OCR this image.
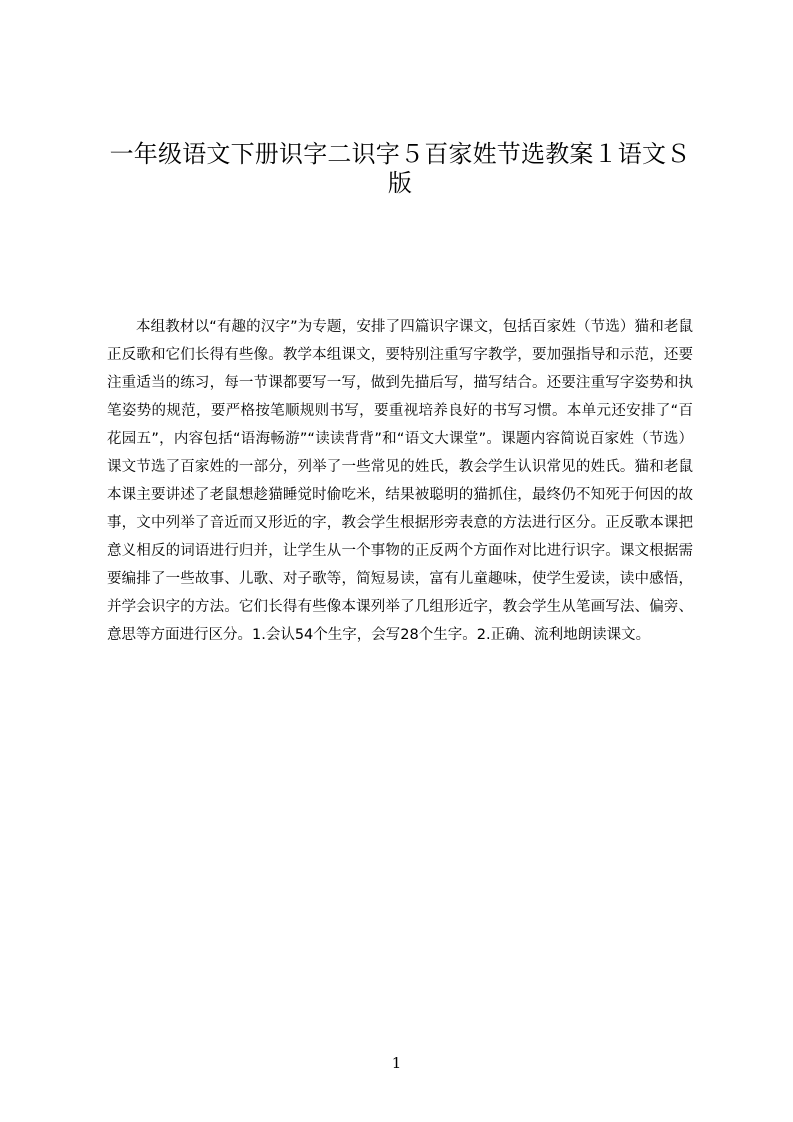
一年级语文下册识字二识字５百家姓节选教案１语文Ｓ版

本组教材以“有趣的汉字”为专题，安排了四篇识字课文，包括百家姓（节选）猫和老鼠正反歌和它们长得有些像。教学本组课文，要特别注重写字教学，要加强指导和示范，还要注重适当的练习，每一节课都要写一写，做到先描后写，描写结合。还要注重写字姿势和执笔姿势的规范，要严格按笔顺规则书写，要重视培养良好的书写习惯。本单元还安排了“百花园五”，内容包括“语海畅游”“读读背背”和“语文大课堂”。课题内容简说百家姓（节选）课文节选了百家姓的一部分，列举了一些常见的姓氏，教会学生认识常见的姓氏。猫和老鼠本课主要讲述了老鼠想趁猫睡觉时偷吃米，结果被聪明的猫抓住，最终仍不知死于何因的故事，文中列举了音近而又形近的字，教会学生根据形旁表意的方法进行区分。正反歌本课把意义相反的词语进行归并，让学生从一个事物的正反两个方面作对比进行识字。课文根据需要编排了一些故事、儿歌、对子歌等，简短易读，富有儿童趣味，使学生爱读，读中感悟，并学会识字的方法。它们长得有些像本课列举了几组形近字，教会学生从笔画写法、偏旁、意思等方面进行区分。1.会认54个生字，会写28个生字。2.正确、流利地朗读课文。

1
